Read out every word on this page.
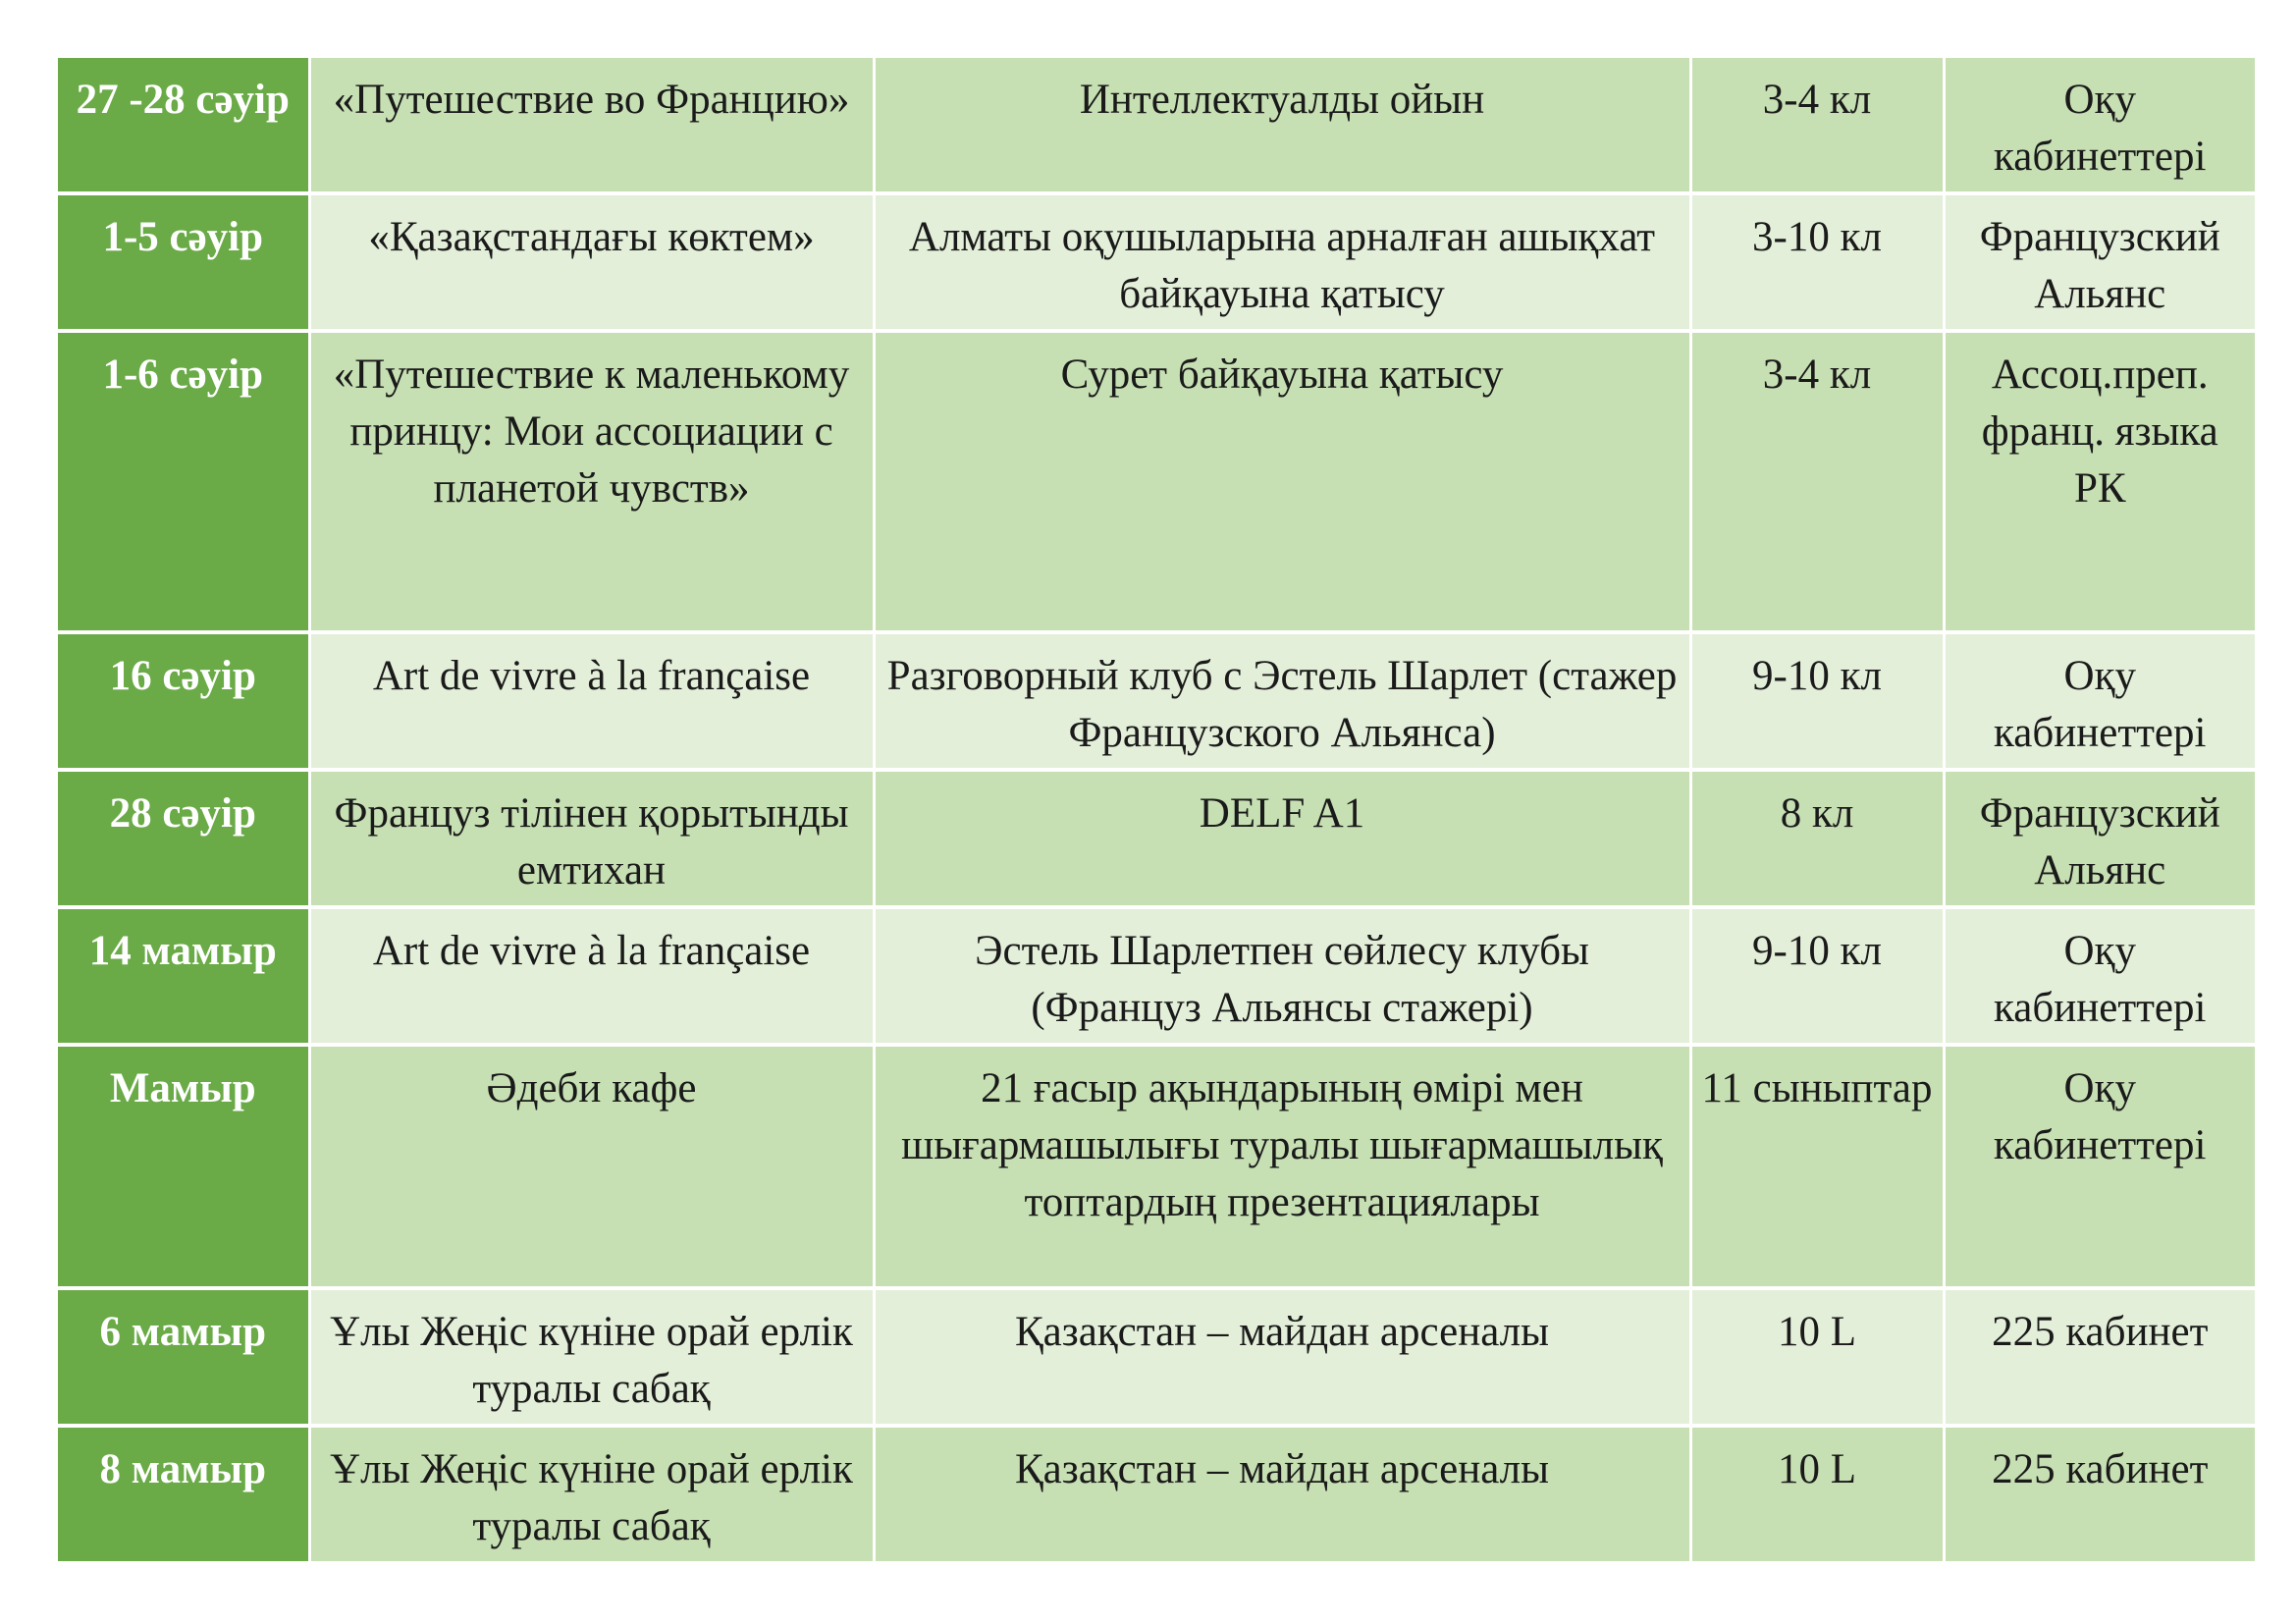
27 -28 сәуір	«Путешествие во Францию»	Интеллектуалды ойын	3-4 кл	Оқу кабинеттері
1-5 сәуір	«Қазақстандағы көктем»	Алматы оқушыларына арналған ашықхат байқауына қатысу	3-10 кл	Французский Альянс
1-6 сәуір	«Путешествие к маленькому принцу: Мои ассоциации с планетой чувств»	Сурет байқауына қатысу	3-4 кл	Ассоц.преп. франц. языка РК
16 сәуір	Art de vivre à la française	Разговорный клуб с Эстель Шарлет (стажер Французского Альянса)	9-10 кл	Оқу кабинеттері
28 сәуір	Француз тілінен қорытынды емтихан	DELF A1	8 кл	Французский Альянс
14 мамыр	Art de vivre à la française	Эстель Шарлетпен сөйлесу клубы (Француз Альянсы стажері)	9-10 кл	Оқу кабинеттері
Мамыр	Әдеби кафе	21 ғасыр ақындарының өмірі мен шығармашылығы туралы шығармашылық топтардың презентациялары	11 сыныптар	Оқу кабинеттері
6 мамыр	Ұлы Жеңіс күніне орай ерлік туралы сабақ	Қазақстан – майдан арсеналы	10 L	225 кабинет
8 мамыр	Ұлы Жеңіс күніне орай ерлік туралы сабақ	Қазақстан – майдан арсеналы	10 L	225 кабинет
